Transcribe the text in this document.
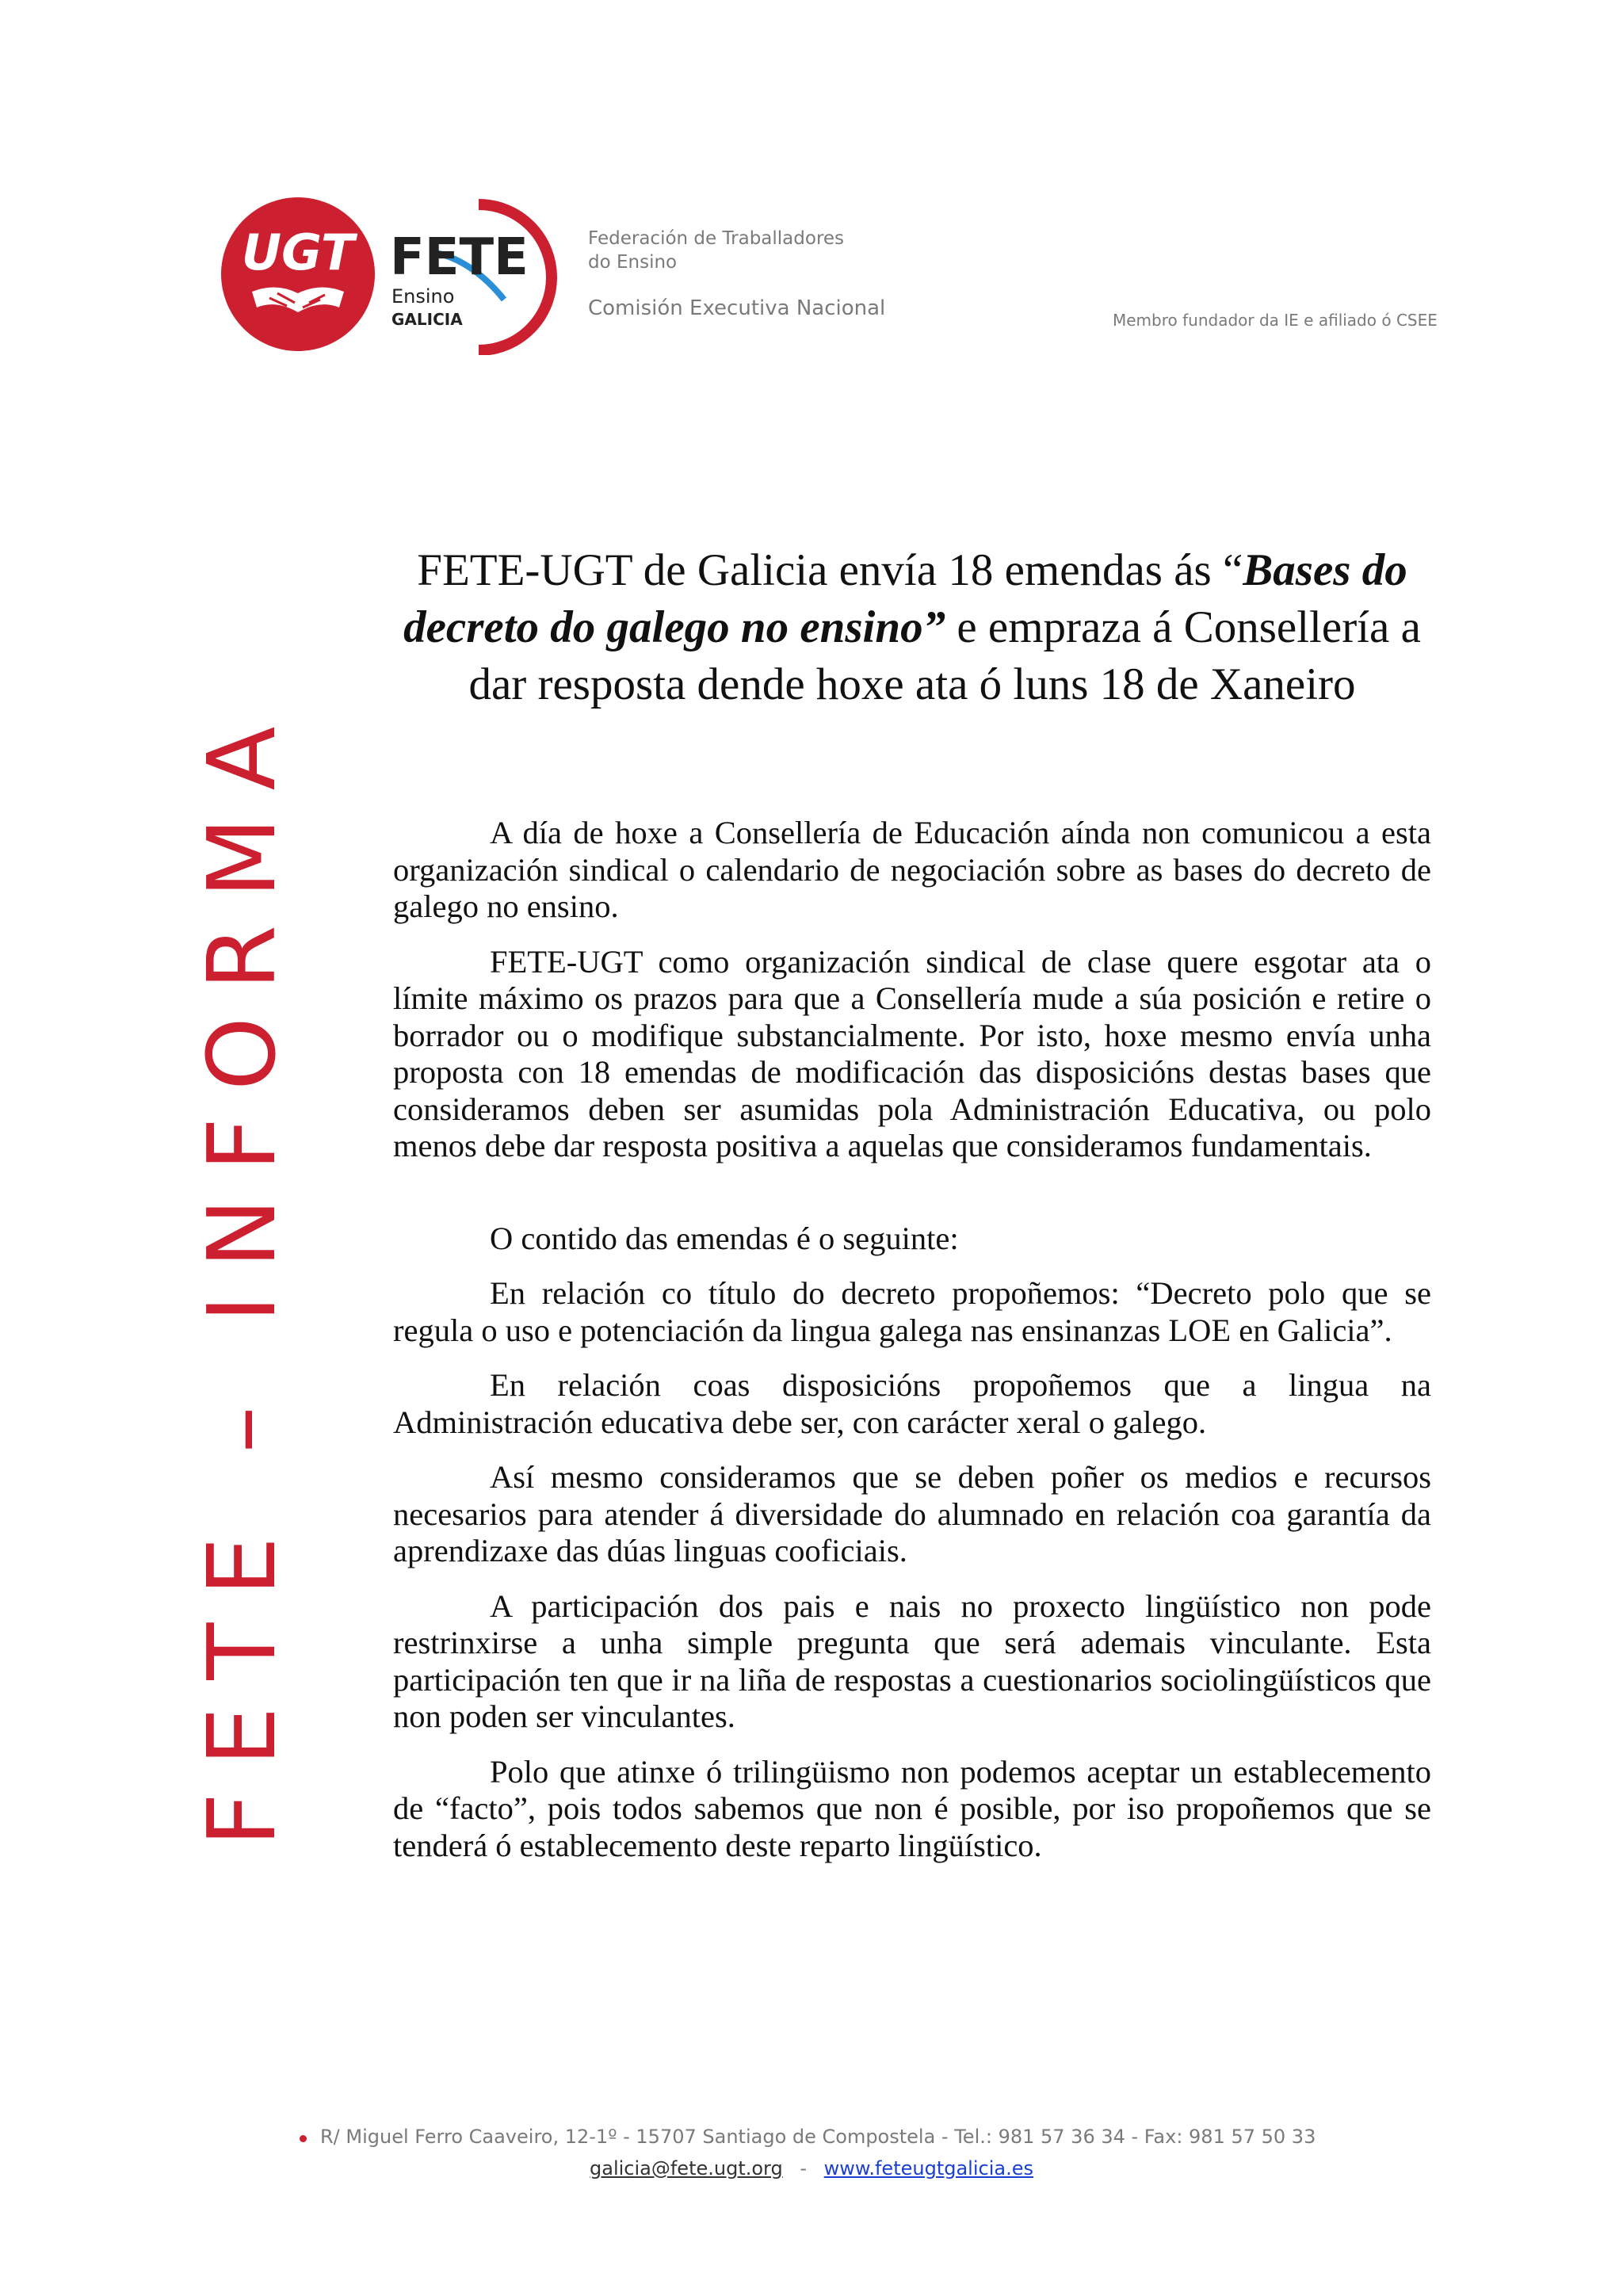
UGT FETE
Ensino
GALICIA
Federación de Traballadores
do Ensino
Comisión Executiva Nacional	Membro fundador da IE e afiliado ó CSEE
FETE – INFORMA
FETE-UGT de Galicia envía 18 emendas ás “Bases do decreto do galego no ensino” e empraza á Consellería a dar resposta dende hoxe ata ó luns 18 de Xaneiro

A día de hoxe a Consellería de Educación aínda non comunicou a esta organización sindical o calendario de negociación sobre as bases do decreto de galego no ensino.

FETE-UGT como organización sindical de clase quere esgotar ata o límite máximo os prazos para que a Consellería mude a súa posición e retire o borrador ou o modifique substancialmente. Por isto, hoxe mesmo envía unha proposta con 18 emendas de modificación das disposicións destas bases que consideramos deben ser asumidas pola Administración Educativa, ou polo menos debe dar resposta positiva a aquelas que consideramos fundamentais.

O contido das emendas é o seguinte:

En relación co título do decreto propoñemos: “Decreto polo que se regula o uso e potenciación da lingua galega nas ensinanzas LOE en Galicia”.

En relación coas disposicións propoñemos que a lingua na Administración educativa debe ser, con carácter xeral o galego.

Así mesmo consideramos que se deben poñer os medios e recursos necesarios para atender á diversidade do alumnado en relación coa garantía da aprendizaxe das dúas linguas cooficiais.

A participación dos pais e nais no proxecto lingüístico non pode restrinxirse a unha simple pregunta que será ademais vinculante. Esta participación ten que ir na liña de respostas a cuestionarios sociolingüísticos que non poden ser vinculantes.

Polo que atinxe ó trilingüismo non podemos aceptar un establecemento de “facto”, pois todos sabemos que non é posible, por iso propoñemos que se tenderá ó establecemento deste reparto lingüístico.

R/ Miguel Ferro Caaveiro, 12-1º - 15707 Santiago de Compostela - Tel.: 981 57 36 34 - Fax: 981 57 50 33
galicia@fete.ugt.org - www.feteugtgalicia.es
